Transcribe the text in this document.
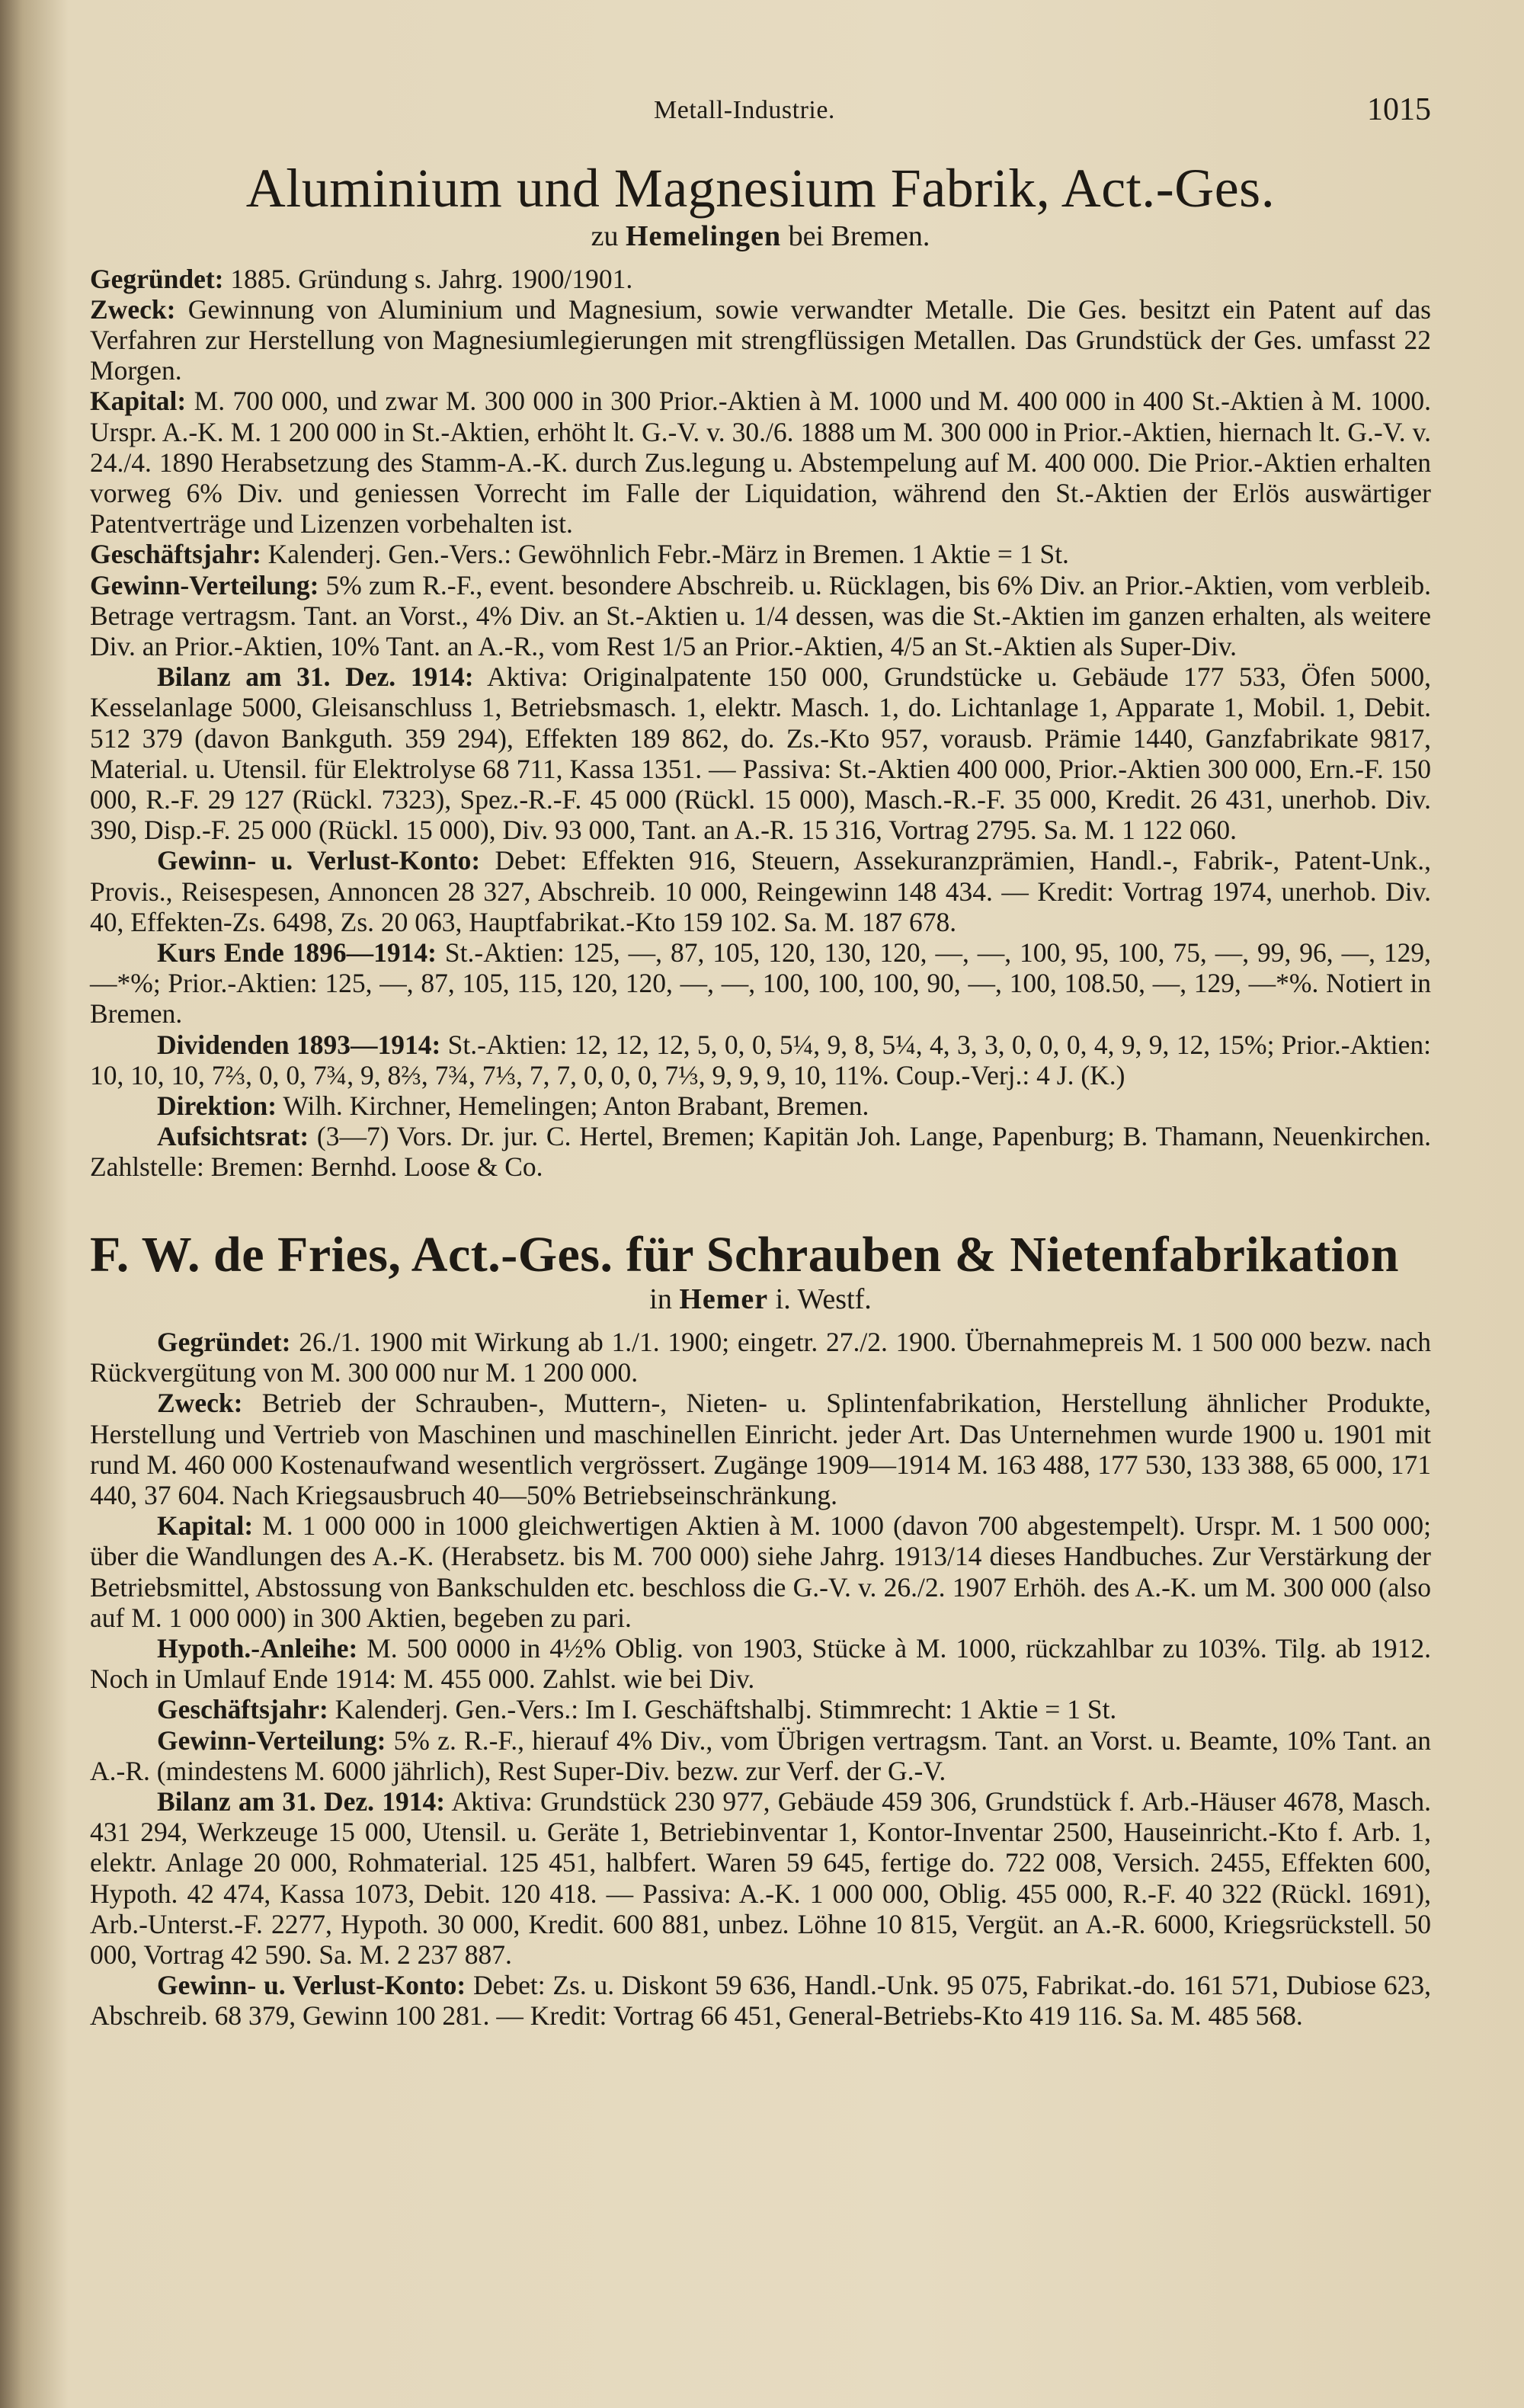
Metall-Industrie.	1015
Aluminium und Magnesium Fabrik, Act.-Ges.
zu Hemelingen bei Bremen.

Gegründet: 1885. Gründung s. Jahrg. 1900/1901.

Zweck: Gewinnung von Aluminium und Magnesium, sowie verwandter Metalle. Die Ges. besitzt ein Patent auf das Verfahren zur Herstellung von Magnesiumlegierungen mit strengflüssigen Metallen. Das Grundstück der Ges. umfasst 22 Morgen.

Kapital: M. 700 000, und zwar M. 300 000 in 300 Prior.-Aktien à M. 1000 und M. 400 000 in 400 St.-Aktien à M. 1000. Urspr. A.-K. M. 1 200 000 in St.-Aktien, erhöht lt. G.-V. v. 30./6. 1888 um M. 300 000 in Prior.-Aktien, hiernach lt. G.-V. v. 24./4. 1890 Herabsetzung des Stamm-A.-K. durch Zus.legung u. Abstempelung auf M. 400 000. Die Prior.-Aktien erhalten vorweg 6% Div. und geniessen Vorrecht im Falle der Liquidation, während den St.-Aktien der Erlös auswärtiger Patentverträge und Lizenzen vorbehalten ist.

Geschäftsjahr: Kalenderj. Gen.-Vers.: Gewöhnlich Febr.-März in Bremen. 1 Aktie = 1 St.

Gewinn-Verteilung: 5% zum R.-F., event. besondere Abschreib. u. Rücklagen, bis 6% Div. an Prior.-Aktien, vom verbleib. Betrage vertragsm. Tant. an Vorst., 4% Div. an St.-Aktien u. 1/4 dessen, was die St.-Aktien im ganzen erhalten, als weitere Div. an Prior.-Aktien, 10% Tant. an A.-R., vom Rest 1/5 an Prior.-Aktien, 4/5 an St.-Aktien als Super-Div.

Bilanz am 31. Dez. 1914: Aktiva: Originalpatente 150 000, Grundstücke u. Gebäude 177 533, Öfen 5000, Kesselanlage 5000, Gleisanschluss 1, Betriebsmasch. 1, elektr. Masch. 1, do. Lichtanlage 1, Apparate 1, Mobil. 1, Debit. 512 379 (davon Bankguth. 359 294), Effekten 189 862, do. Zs.-Kto 957, vorausb. Prämie 1440, Ganzfabrikate 9817, Material. u. Utensil. für Elektrolyse 68 711, Kassa 1351. — Passiva: St.-Aktien 400 000, Prior.-Aktien 300 000, Ern.-F. 150 000, R.-F. 29 127 (Rückl. 7323), Spez.-R.-F. 45 000 (Rückl. 15 000), Masch.-R.-F. 35 000, Kredit. 26 431, unerhob. Div. 390, Disp.-F. 25 000 (Rückl. 15 000), Div. 93 000, Tant. an A.-R. 15 316, Vortrag 2795. Sa. M. 1 122 060.

Gewinn- u. Verlust-Konto: Debet: Effekten 916, Steuern, Assekuranzprämien, Handl.-, Fabrik-, Patent-Unk., Provis., Reisespesen, Annoncen 28 327, Abschreib. 10 000, Reingewinn 148 434. — Kredit: Vortrag 1974, unerhob. Div. 40, Effekten-Zs. 6498, Zs. 20 063, Hauptfabrikat.-Kto 159 102. Sa. M. 187 678.

Kurs Ende 1896—1914: St.-Aktien: 125, —, 87, 105, 120, 130, 120, —, —, 100, 95, 100, 75, —, 99, 96, —, 129, —*%; Prior.-Aktien: 125, —, 87, 105, 115, 120, 120, —, —, 100, 100, 100, 90, —, 100, 108.50, —, 129, —*%. Notiert in Bremen.

Dividenden 1893—1914: St.-Aktien: 12, 12, 12, 5, 0, 0, 5¼, 9, 8, 5¼, 4, 3, 3, 0, 0, 0, 4, 9, 9, 12, 15%; Prior.-Aktien: 10, 10, 10, 7⅔, 0, 0, 7¾, 9, 8⅔, 7¾, 7⅓, 7, 7, 0, 0, 0, 7⅓, 9, 9, 9, 10, 11%. Coup.-Verj.: 4 J. (K.)

Direktion: Wilh. Kirchner, Hemelingen; Anton Brabant, Bremen.

Aufsichtsrat: (3—7) Vors. Dr. jur. C. Hertel, Bremen; Kapitän Joh. Lange, Papenburg; B. Thamann, Neuenkirchen. Zahlstelle: Bremen: Bernhd. Loose & Co.

F. W. de Fries, Act.-Ges. für Schrauben & Nietenfabrikation
in Hemer i. Westf.

Gegründet: 26./1. 1900 mit Wirkung ab 1./1. 1900; eingetr. 27./2. 1900. Übernahmepreis M. 1 500 000 bezw. nach Rückvergütung von M. 300 000 nur M. 1 200 000.

Zweck: Betrieb der Schrauben-, Muttern-, Nieten- u. Splintenfabrikation, Herstellung ähnlicher Produkte, Herstellung und Vertrieb von Maschinen und maschinellen Einricht. jeder Art. Das Unternehmen wurde 1900 u. 1901 mit rund M. 460 000 Kostenaufwand wesentlich vergrössert. Zugänge 1909—1914 M. 163 488, 177 530, 133 388, 65 000, 171 440, 37 604. Nach Kriegsausbruch 40—50% Betriebseinschränkung.

Kapital: M. 1 000 000 in 1000 gleichwertigen Aktien à M. 1000 (davon 700 abgestempelt). Urspr. M. 1 500 000; über die Wandlungen des A.-K. (Herabsetz. bis M. 700 000) siehe Jahrg. 1913/14 dieses Handbuches. Zur Verstärkung der Betriebsmittel, Abstossung von Bankschulden etc. beschloss die G.-V. v. 26./2. 1907 Erhöh. des A.-K. um M. 300 000 (also auf M. 1 000 000) in 300 Aktien, begeben zu pari.

Hypoth.-Anleihe: M. 500 0000 in 4½% Oblig. von 1903, Stücke à M. 1000, rückzahlbar zu 103%. Tilg. ab 1912. Noch in Umlauf Ende 1914: M. 455 000. Zahlst. wie bei Div.

Geschäftsjahr: Kalenderj. Gen.-Vers.: Im I. Geschäftshalbj. Stimmrecht: 1 Aktie = 1 St.

Gewinn-Verteilung: 5% z. R.-F., hierauf 4% Div., vom Übrigen vertragsm. Tant. an Vorst. u. Beamte, 10% Tant. an A.-R. (mindestens M. 6000 jährlich), Rest Super-Div. bezw. zur Verf. der G.-V.

Bilanz am 31. Dez. 1914: Aktiva: Grundstück 230 977, Gebäude 459 306, Grundstück f. Arb.-Häuser 4678, Masch. 431 294, Werkzeuge 15 000, Utensil. u. Geräte 1, Betriebinventar 1, Kontor-Inventar 2500, Hauseinricht.-Kto f. Arb. 1, elektr. Anlage 20 000, Rohmaterial. 125 451, halbfert. Waren 59 645, fertige do. 722 008, Versich. 2455, Effekten 600, Hypoth. 42 474, Kassa 1073, Debit. 120 418. — Passiva: A.-K. 1 000 000, Oblig. 455 000, R.-F. 40 322 (Rückl. 1691), Arb.-Unterst.-F. 2277, Hypoth. 30 000, Kredit. 600 881, unbez. Löhne 10 815, Vergüt. an A.-R. 6000, Kriegsrückstell. 50 000, Vortrag 42 590. Sa. M. 2 237 887.

Gewinn- u. Verlust-Konto: Debet: Zs. u. Diskont 59 636, Handl.-Unk. 95 075, Fabrikat.-do. 161 571, Dubiose 623, Abschreib. 68 379, Gewinn 100 281. — Kredit: Vortrag 66 451, General-Betriebs-Kto 419 116. Sa. M. 485 568.
